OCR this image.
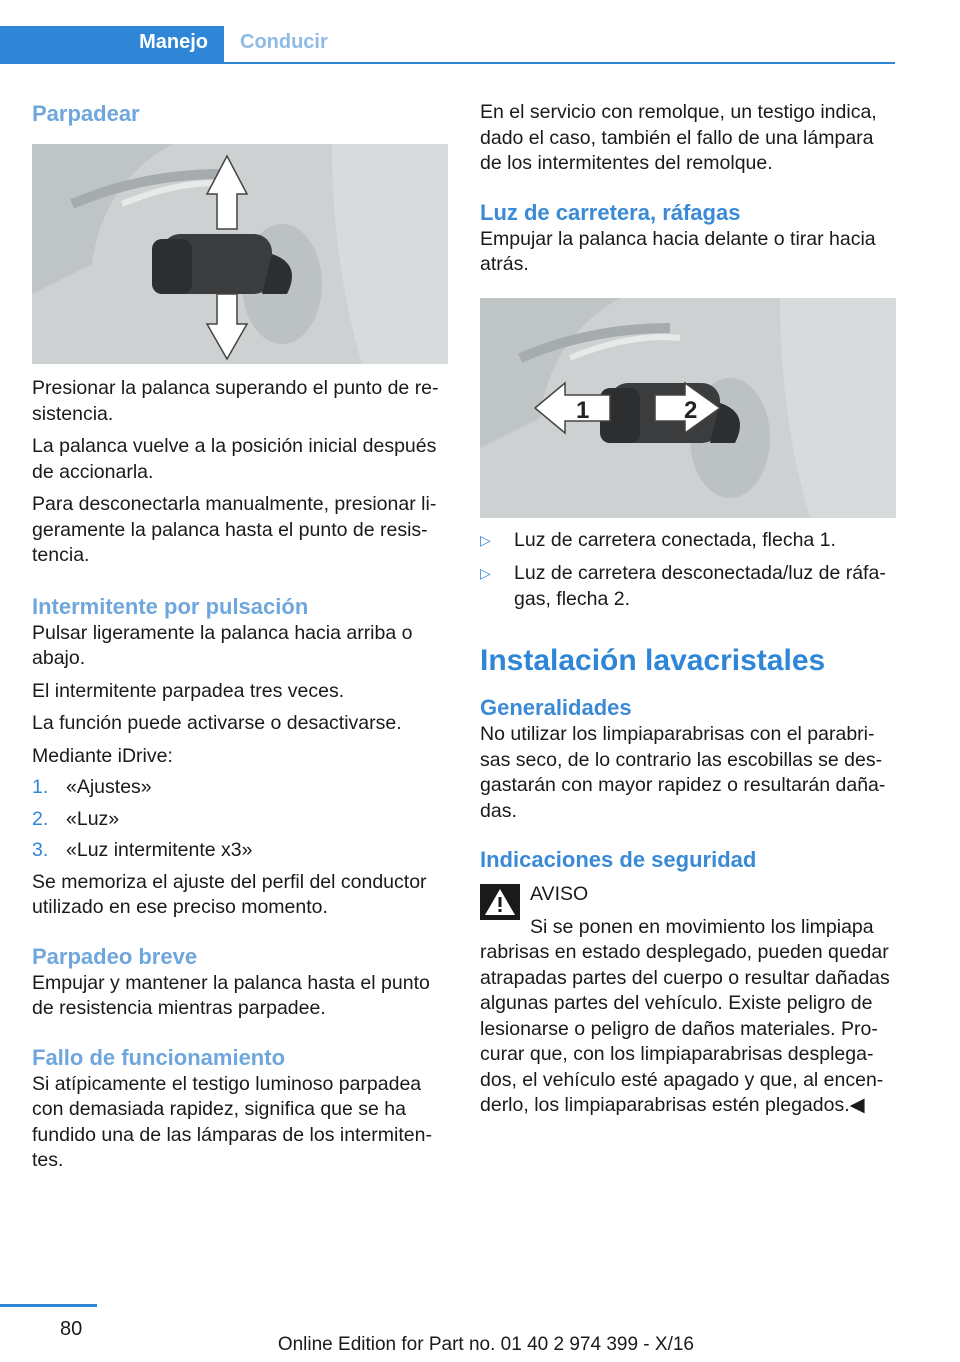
Manejo Conducir
Parpadear

Presionar la palanca superando el punto de resistencia.

La palanca vuelve a la posición inicial después de accionarla.

Para desconectarla manualmente, presionar ligeramente la palanca hasta el punto de resistencia.

Intermitente por pulsación

Pulsar ligeramente la palanca hacia arriba o abajo.

El intermitente parpadea tres veces.

La función puede activarse o desactivarse.

Mediante iDrive:

1. «Ajustes»
2. «Luz»
3. «Luz intermitente x3»

Se memoriza el ajuste del perfil del conductor utilizado en ese preciso momento.

Parpadeo breve

Empujar y mantener la palanca hasta el punto de resistencia mientras parpadee.

Fallo de funcionamiento

Si atípicamente el testigo luminoso parpadea con demasiada rapidez, significa que se ha fundido una de las lámparas de los intermitentes.

En el servicio con remolque, un testigo indica, dado el caso, también el fallo de una lámpara de los intermitentes del remolque.

Luz de carretera, ráfagas

Empujar la palanca hacia delante o tirar hacia atrás.

1	2
▷ Luz de carretera conectada, flecha 1.
▷ Luz de carretera desconectada/luz de ráfagas, flecha 2.
Instalación lavacristales
Generalidades

No utilizar los limpiaparabrisas con el parabrisas seco, de lo contrario las escobillas se desgastarán con mayor rapidez o resultarán dañadas.

Indicaciones de seguridad

AVISO

Si se ponen en movimiento los limpiapa

rabrisas en estado desplegado, pueden quedar atrapadas partes del cuerpo o resultar dañadas algunas partes del vehículo. Existe peligro de lesionarse o peligro de daños materiales. Procurar que, con los limpiaparabrisas desplegados, el vehículo esté apagado y que, al encenderlo, los limpiaparabrisas estén plegados.◀

80
Online Edition for Part no. 01 40 2 974 399 - X/16
